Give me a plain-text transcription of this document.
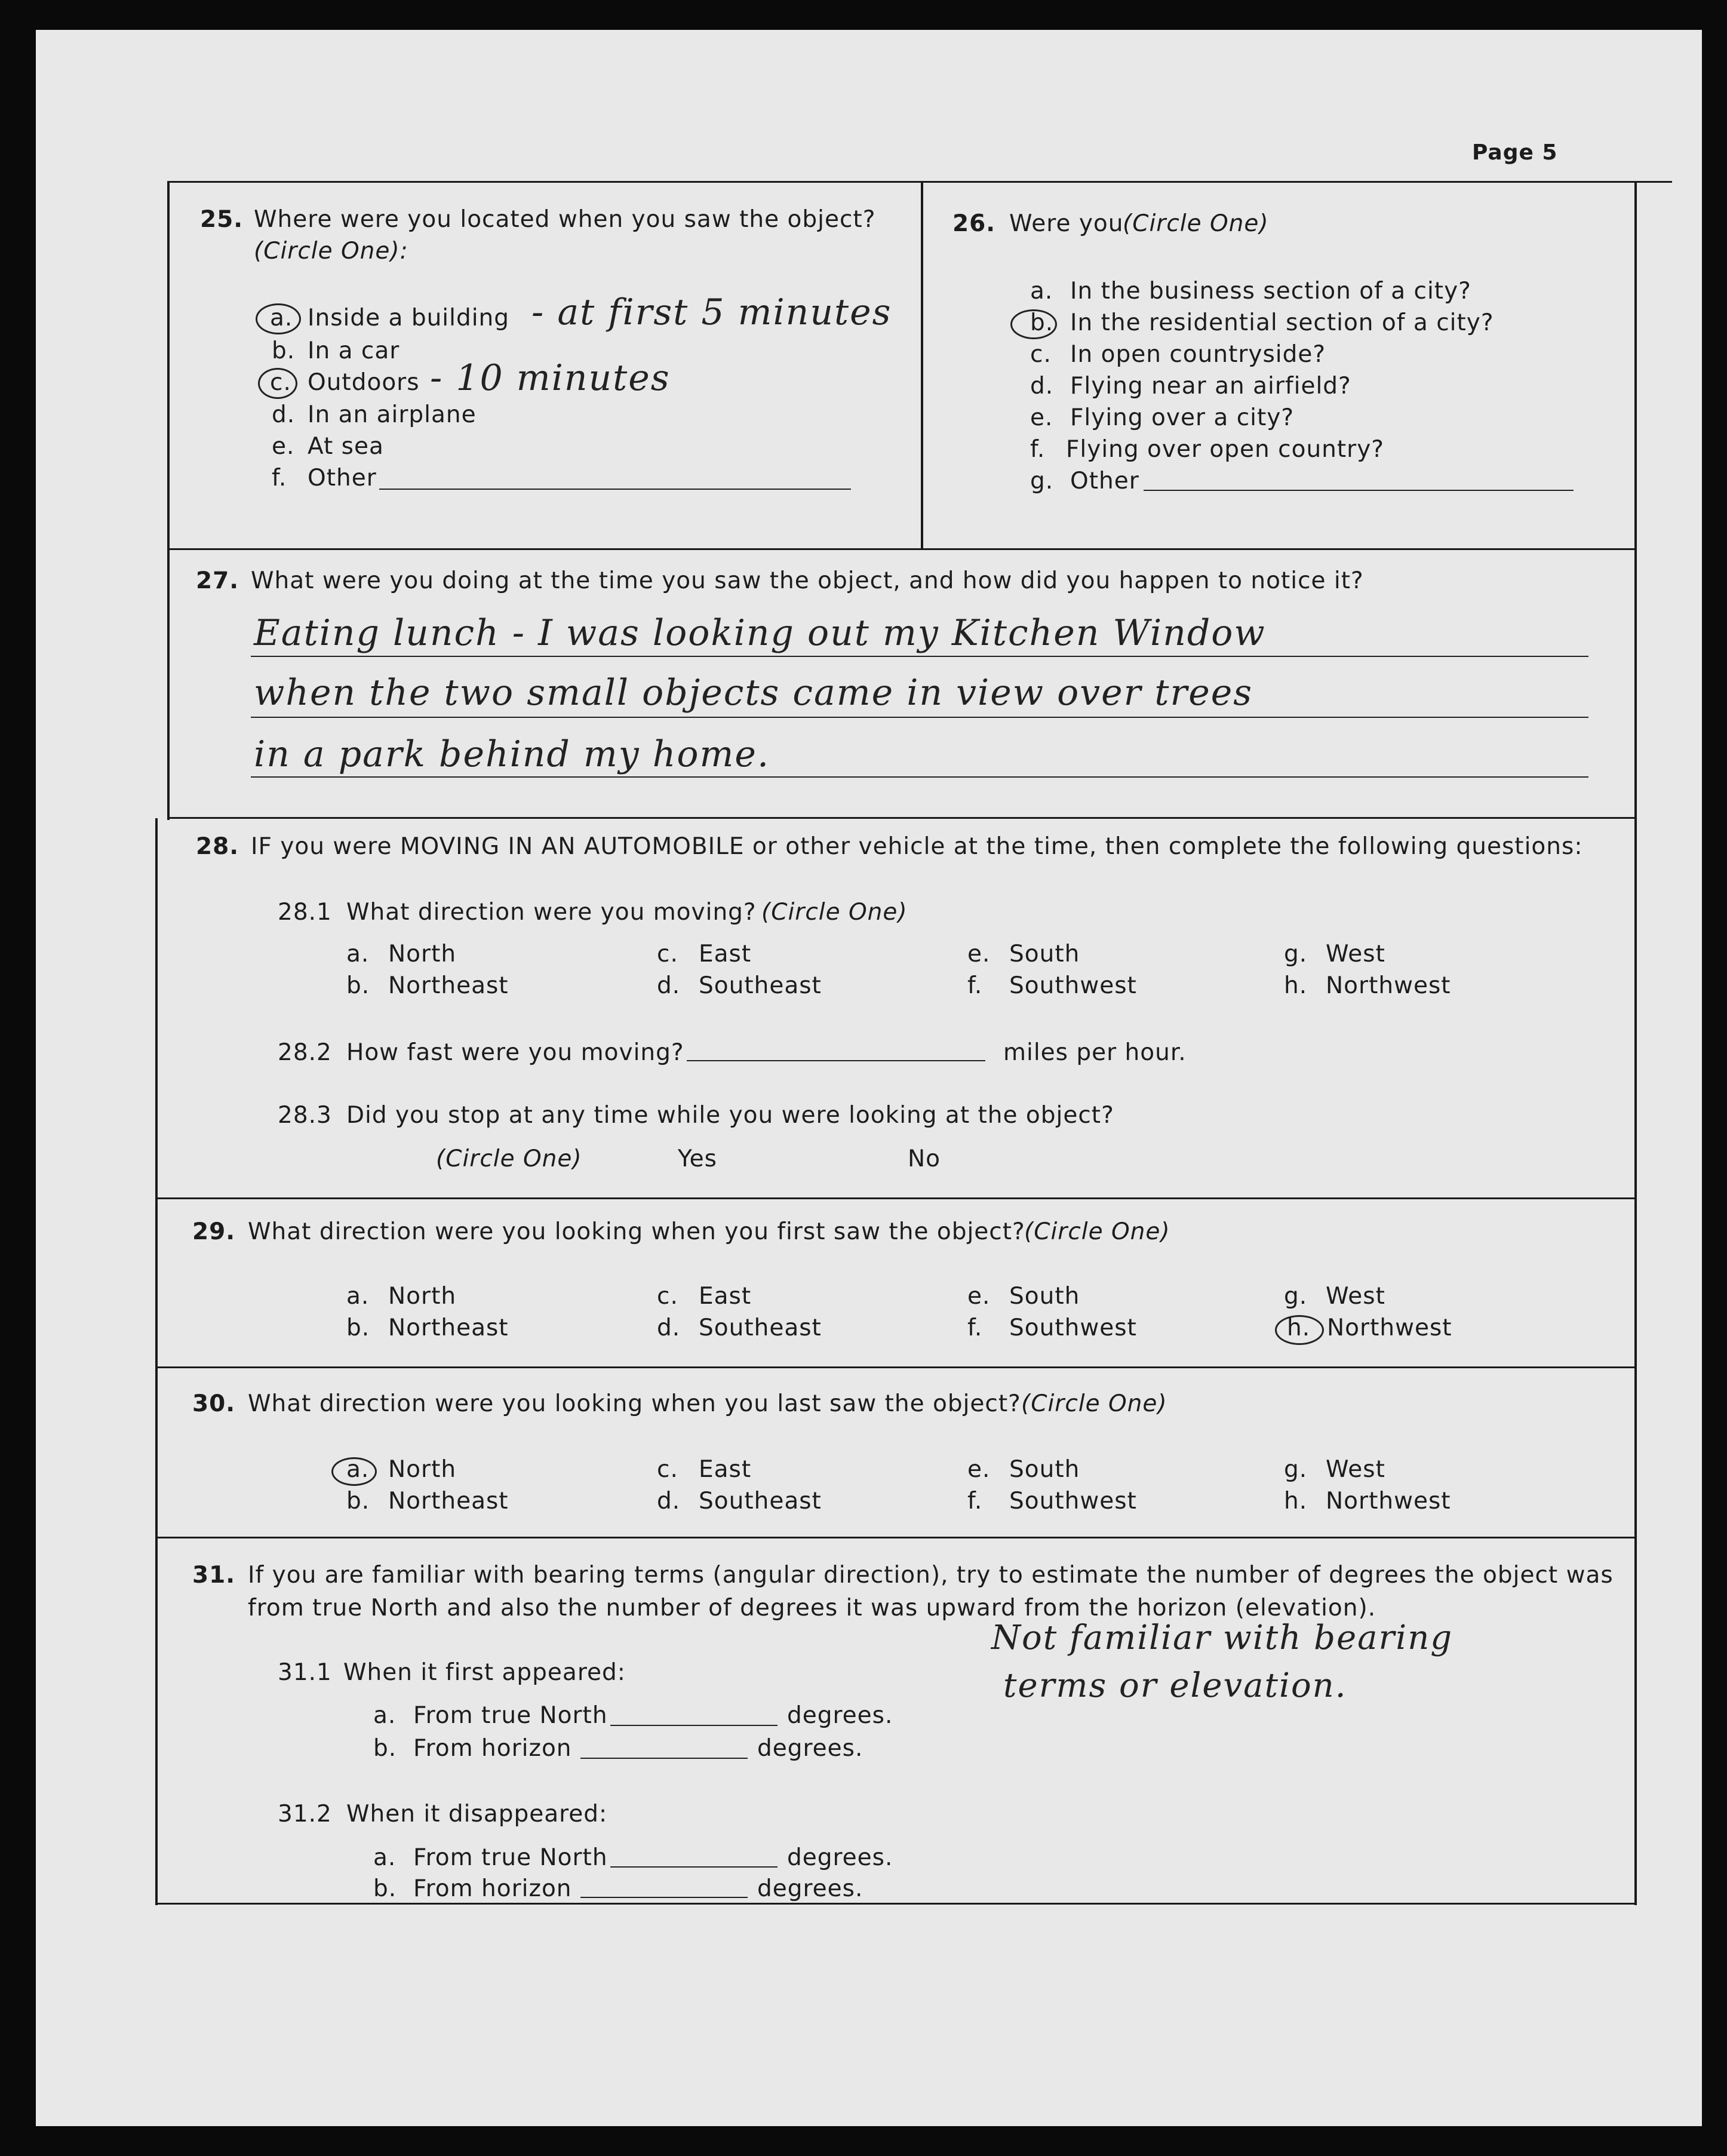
Page 5
25. Where were you located when you saw the object?
(Circle One):
a. Inside a building - at first 5 minutes
b. In a car
c. Outdoors - 10 minutes
d. In an airplane
e. At sea
f. Other
26. Were you
(Circle One)
a. In the business section of a city?
b. In the residential section of a city?
c. In open countryside?
d. Flying near an airfield?
e. Flying over a city?
f. Flying over open country?
g. Other
27. What were you doing at the time you saw the object, and how did you happen to notice it?
Eating lunch - I was looking out my Kitchen Window
when the two small objects came in view over trees
in a park behind my home.
28. IF you were MOVING IN AN AUTOMOBILE or other vehicle at the time, then complete the following questions:
28.1 What direction were you moving? (Circle One)
a. North
b. Northeast
c. East
d. Southeast
e. South
f. Southwest
g. West
h. Northwest
28.2 How fast were you moving?	miles per hour.
28.3 Did you stop at any time while you were looking at the object?
(Circle One)	Yes	No
29. What direction were you looking when you first saw the object?
(Circle One)
a. North
b. Northeast
c. East
d. Southeast
e. South
f. Southwest
g. West
h. Northwest
30. What direction were you looking when you last saw the object? (Circle One)
a. North
b. Northeast
c. East
d. Southeast
e. South
f. Southwest
g. West
h. Northwest
31. If you are familiar with bearing terms (angular direction), try to estimate the number of degrees the object was
from true North and also the number of degrees it was upward from the horizon (elevation).
Not familiar with bearing
terms or elevation.
31.1 When it first appeared:
a. From true North	degrees.
b. From horizon	degrees.
31.2 When it disappeared:
a. From true North	degrees.
b. From horizon	degrees.
